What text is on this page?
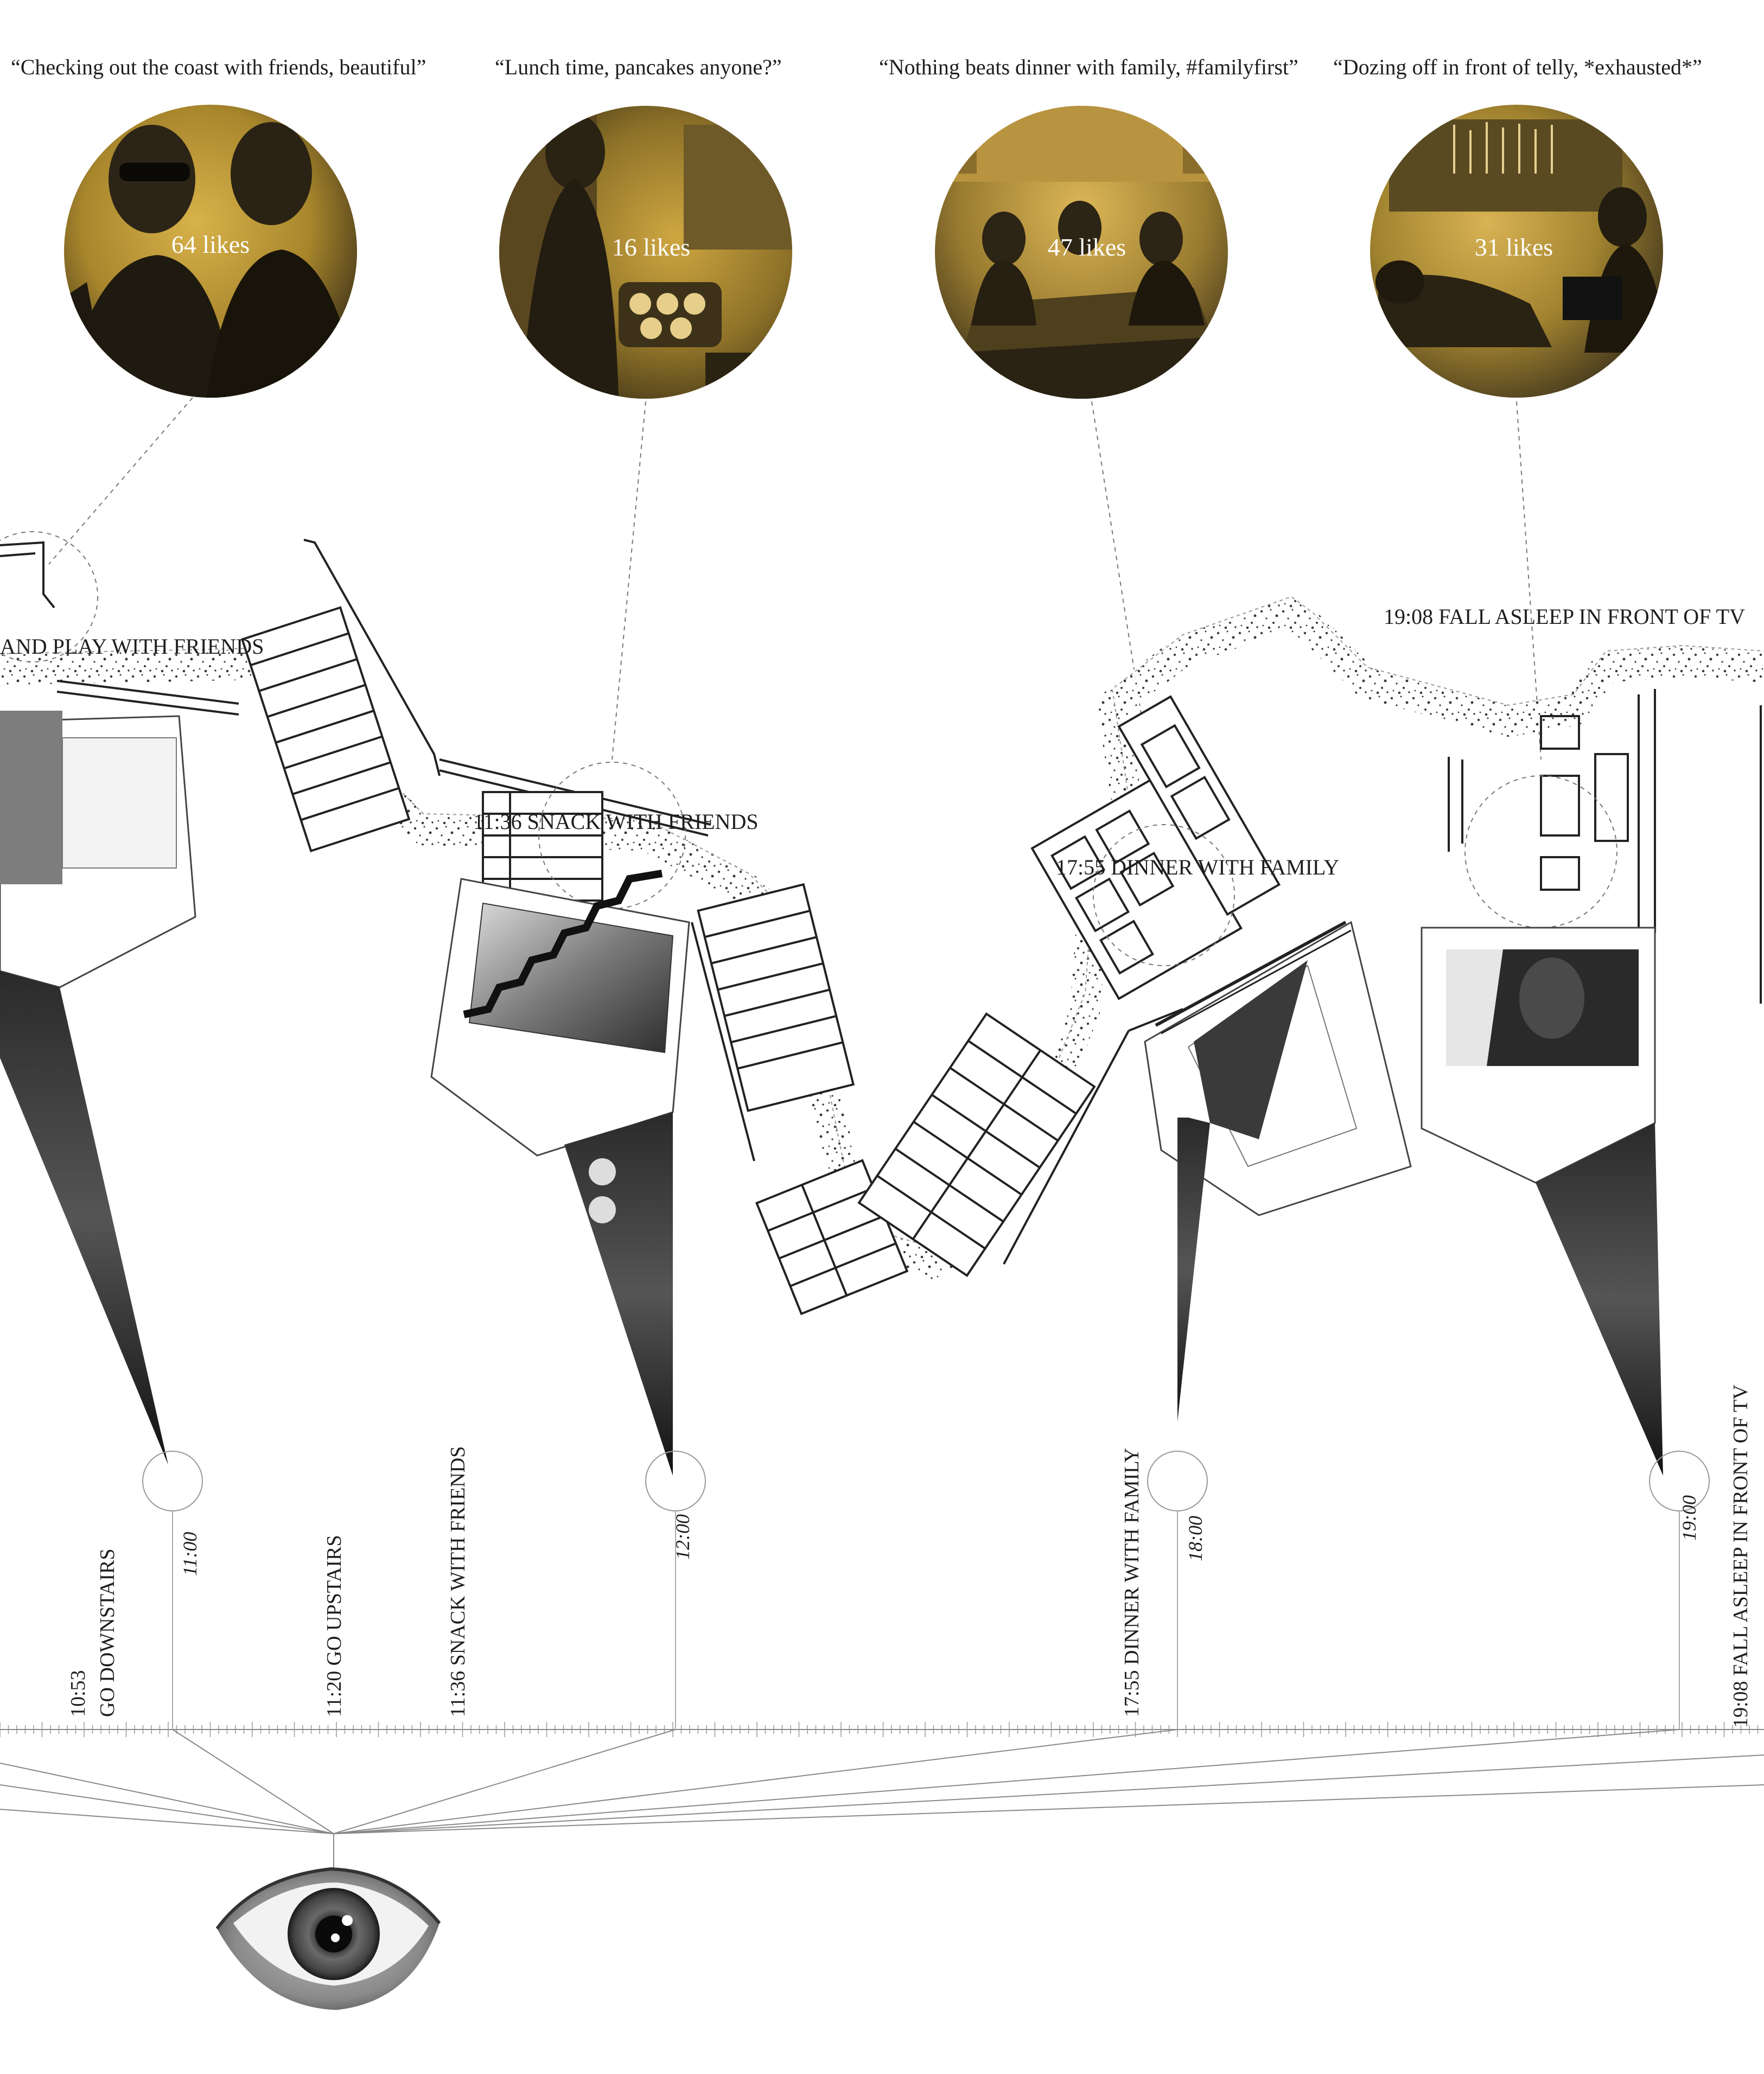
“Checking out the coast with friends, beautiful”	“Lunch time, pancakes anyone?”	“Nothing beats dinner with family, #familyfirst” “Dozing off in front of telly, *exhausted*”
64 likes	16 likes	47 likes	31 likes
AND PLAY WITH FRIENDS
11:36 SNACK WITH FRIENDS
17:55 DINNER WITH FAMILY
19:08 FALL ASLEEP IN FRONT OF TV
11:00	12:00	18:00	19:00
10:53 GO DOWNSTAIRS	11:20 GO UPSTAIRS	11:36 SNACK WITH FRIENDS	17:55 DINNER WITH FAMILY	19:08 FALL ASLEEP IN FRONT OF TV
